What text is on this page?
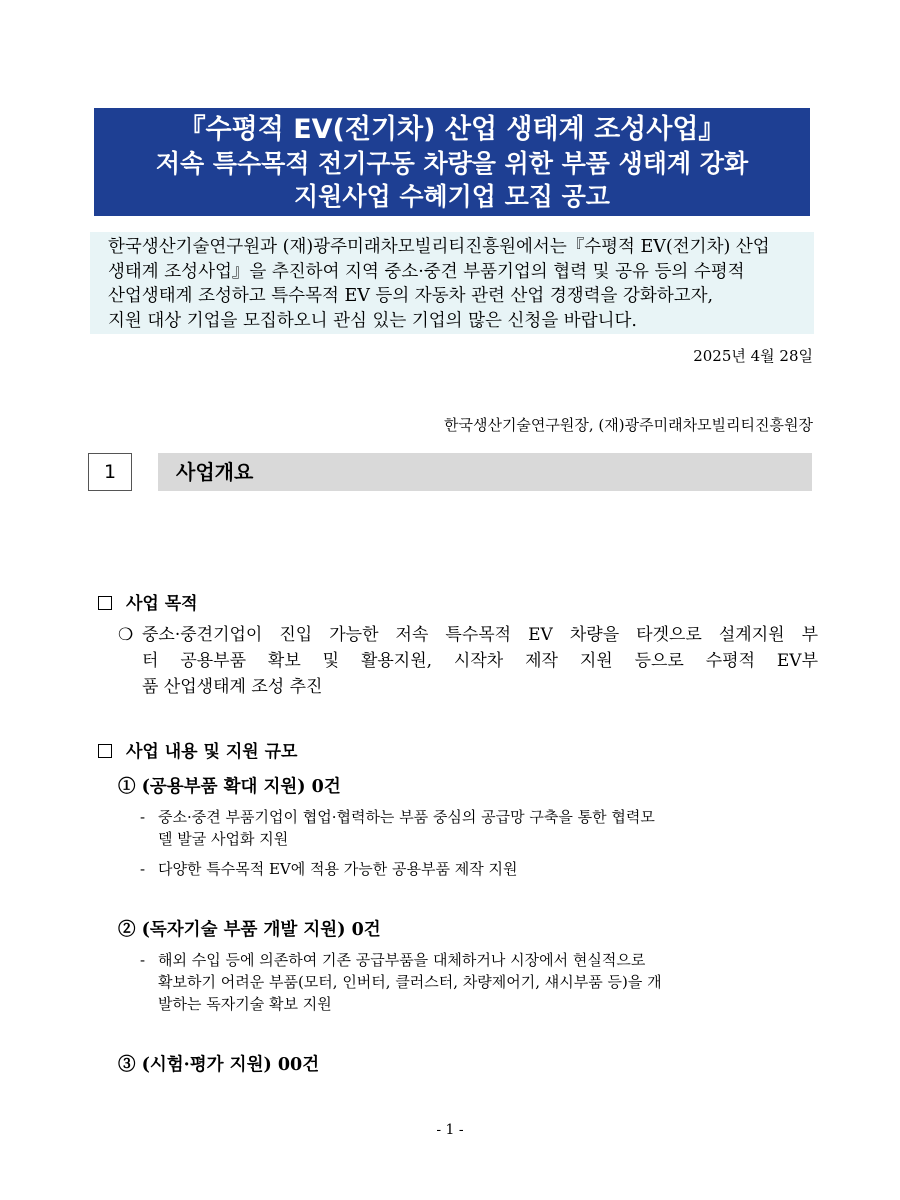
『수평적 EV(전기차) 산업 생태계 조성사업』
저속 특수목적 전기구동 차량을 위한 부품 생태계 강화
지원사업 수혜기업 모집 공고
한국생산기술연구원과 (재)광주미래차모빌리티진흥원에서는『수평적 EV(전기차) 산업
생태계 조성사업』을 추진하여 지역 중소·중견 부품기업의 협력 및 공유 등의 수평적
산업생태계 조성하고 특수목적 EV 등의 자동차 관련 산업 경쟁력을 강화하고자,
지원 대상 기업을 모집하오니 관심 있는 기업의 많은 신청을 바랍니다.
2025년 4월 28일
한국생산기술연구원장, (재)광주미래차모빌리티진흥원장
1	사업개요
사업 목적
❍ 중소·중견기업이 진입 가능한 저속 특수목적 EV 차량을 타겟으로 설계지원 부
터 공용부품 확보 및 활용지원, 시작차 제작 지원 등으로 수평적 EV부
품 산업생태계 조성 추진
사업 내용 및 지원 규모
① (공용부품 확대 지원) 0건
- 중소·중견 부품기업이 협업·협력하는 부품 중심의 공급망 구축을 통한 협력모
델 발굴 사업화 지원
- 다양한 특수목적 EV에 적용 가능한 공용부품 제작 지원
② (독자기술 부품 개발 지원) 0건
- 해외 수입 등에 의존하여 기존 공급부품을 대체하거나 시장에서 현실적으로
확보하기 어려운 부품(모터, 인버터, 클러스터, 차량제어기, 섀시부품 등)을 개
발하는 독자기술 확보 지원
③ (시험·평가 지원) 00건
- 1 -
